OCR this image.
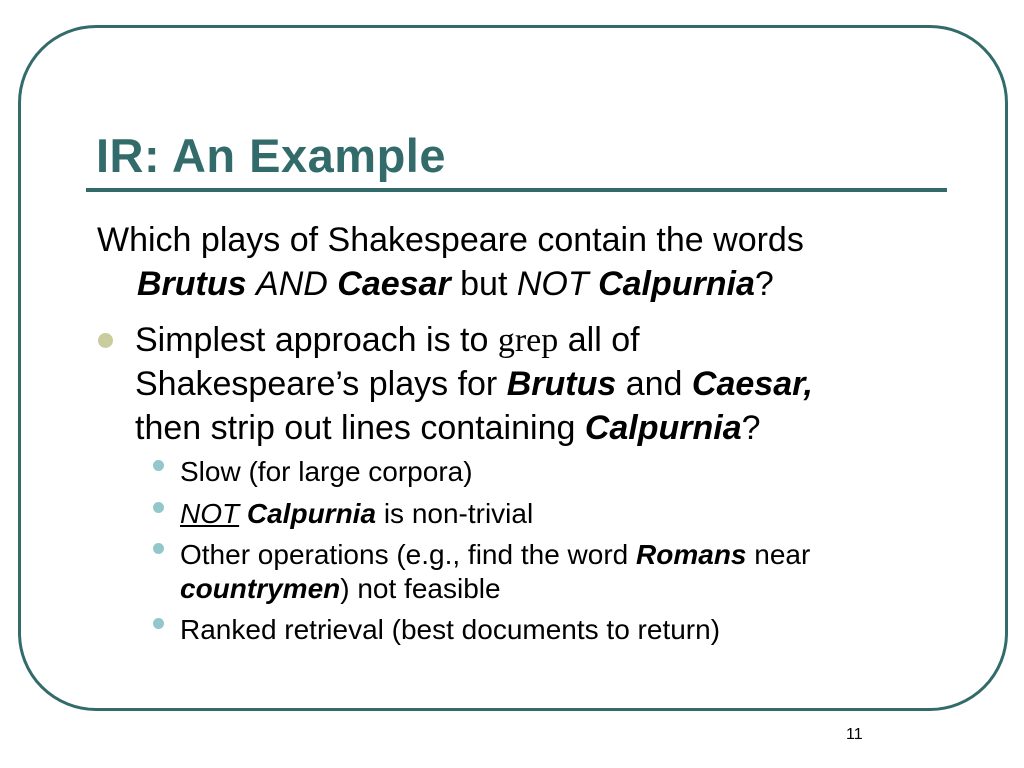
IR: An Example
Which plays of Shakespeare contain the words
Brutus AND Caesar but NOT Calpurnia?
Simplest approach is to grep all of
Shakespeare’s plays for Brutus and Caesar,
then strip out lines containing Calpurnia?
Slow (for large corpora)
NOT Calpurnia is non-trivial
Other operations (e.g., find the word Romans near
countrymen) not feasible
Ranked retrieval (best documents to return)
11
